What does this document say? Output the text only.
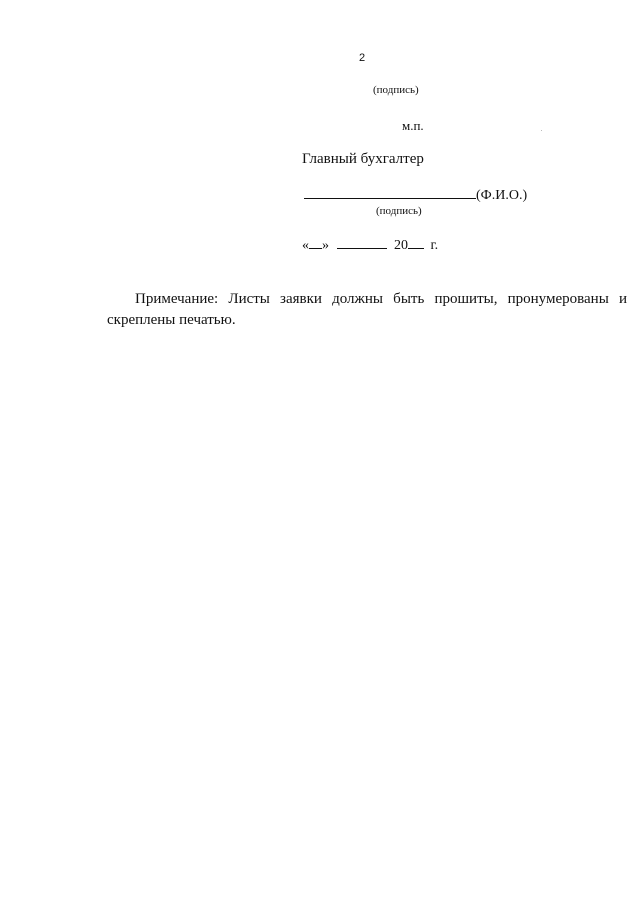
2
(подпись)
м.п.
Главный бухгалтер
(Ф.И.О.)
(подпись)
« »	20 г.
Примечание: Листы заявки должны быть прошиты, пронумерованы и скреплены печатью.
